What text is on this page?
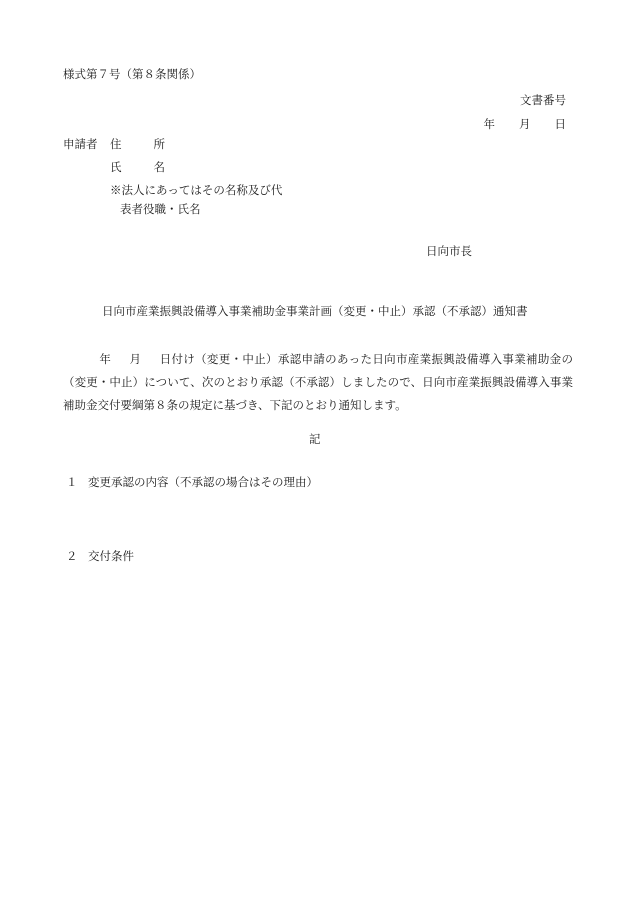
様式第７号（第８条関係）
文書番号
年 月 日
申請者 住	所
氏	名
※法人にあってはその名称及び代
表者役職・氏名
日向市長
日向市産業振興設備導入事業補助金事業計画（変更・中止）承認（不承認）通知書
年 月 日付け（変更・中止）承認申請のあった日向市産業振興設備導入事業補助金の（変更・中止）について、次のとおり承認（不承認）しましたので、日向市産業振興設備導入事業補助金交付要綱第８条の規定に基づき、下記のとおり通知します。
記
１ 変更承認の内容（不承認の場合はその理由）
２ 交付条件
